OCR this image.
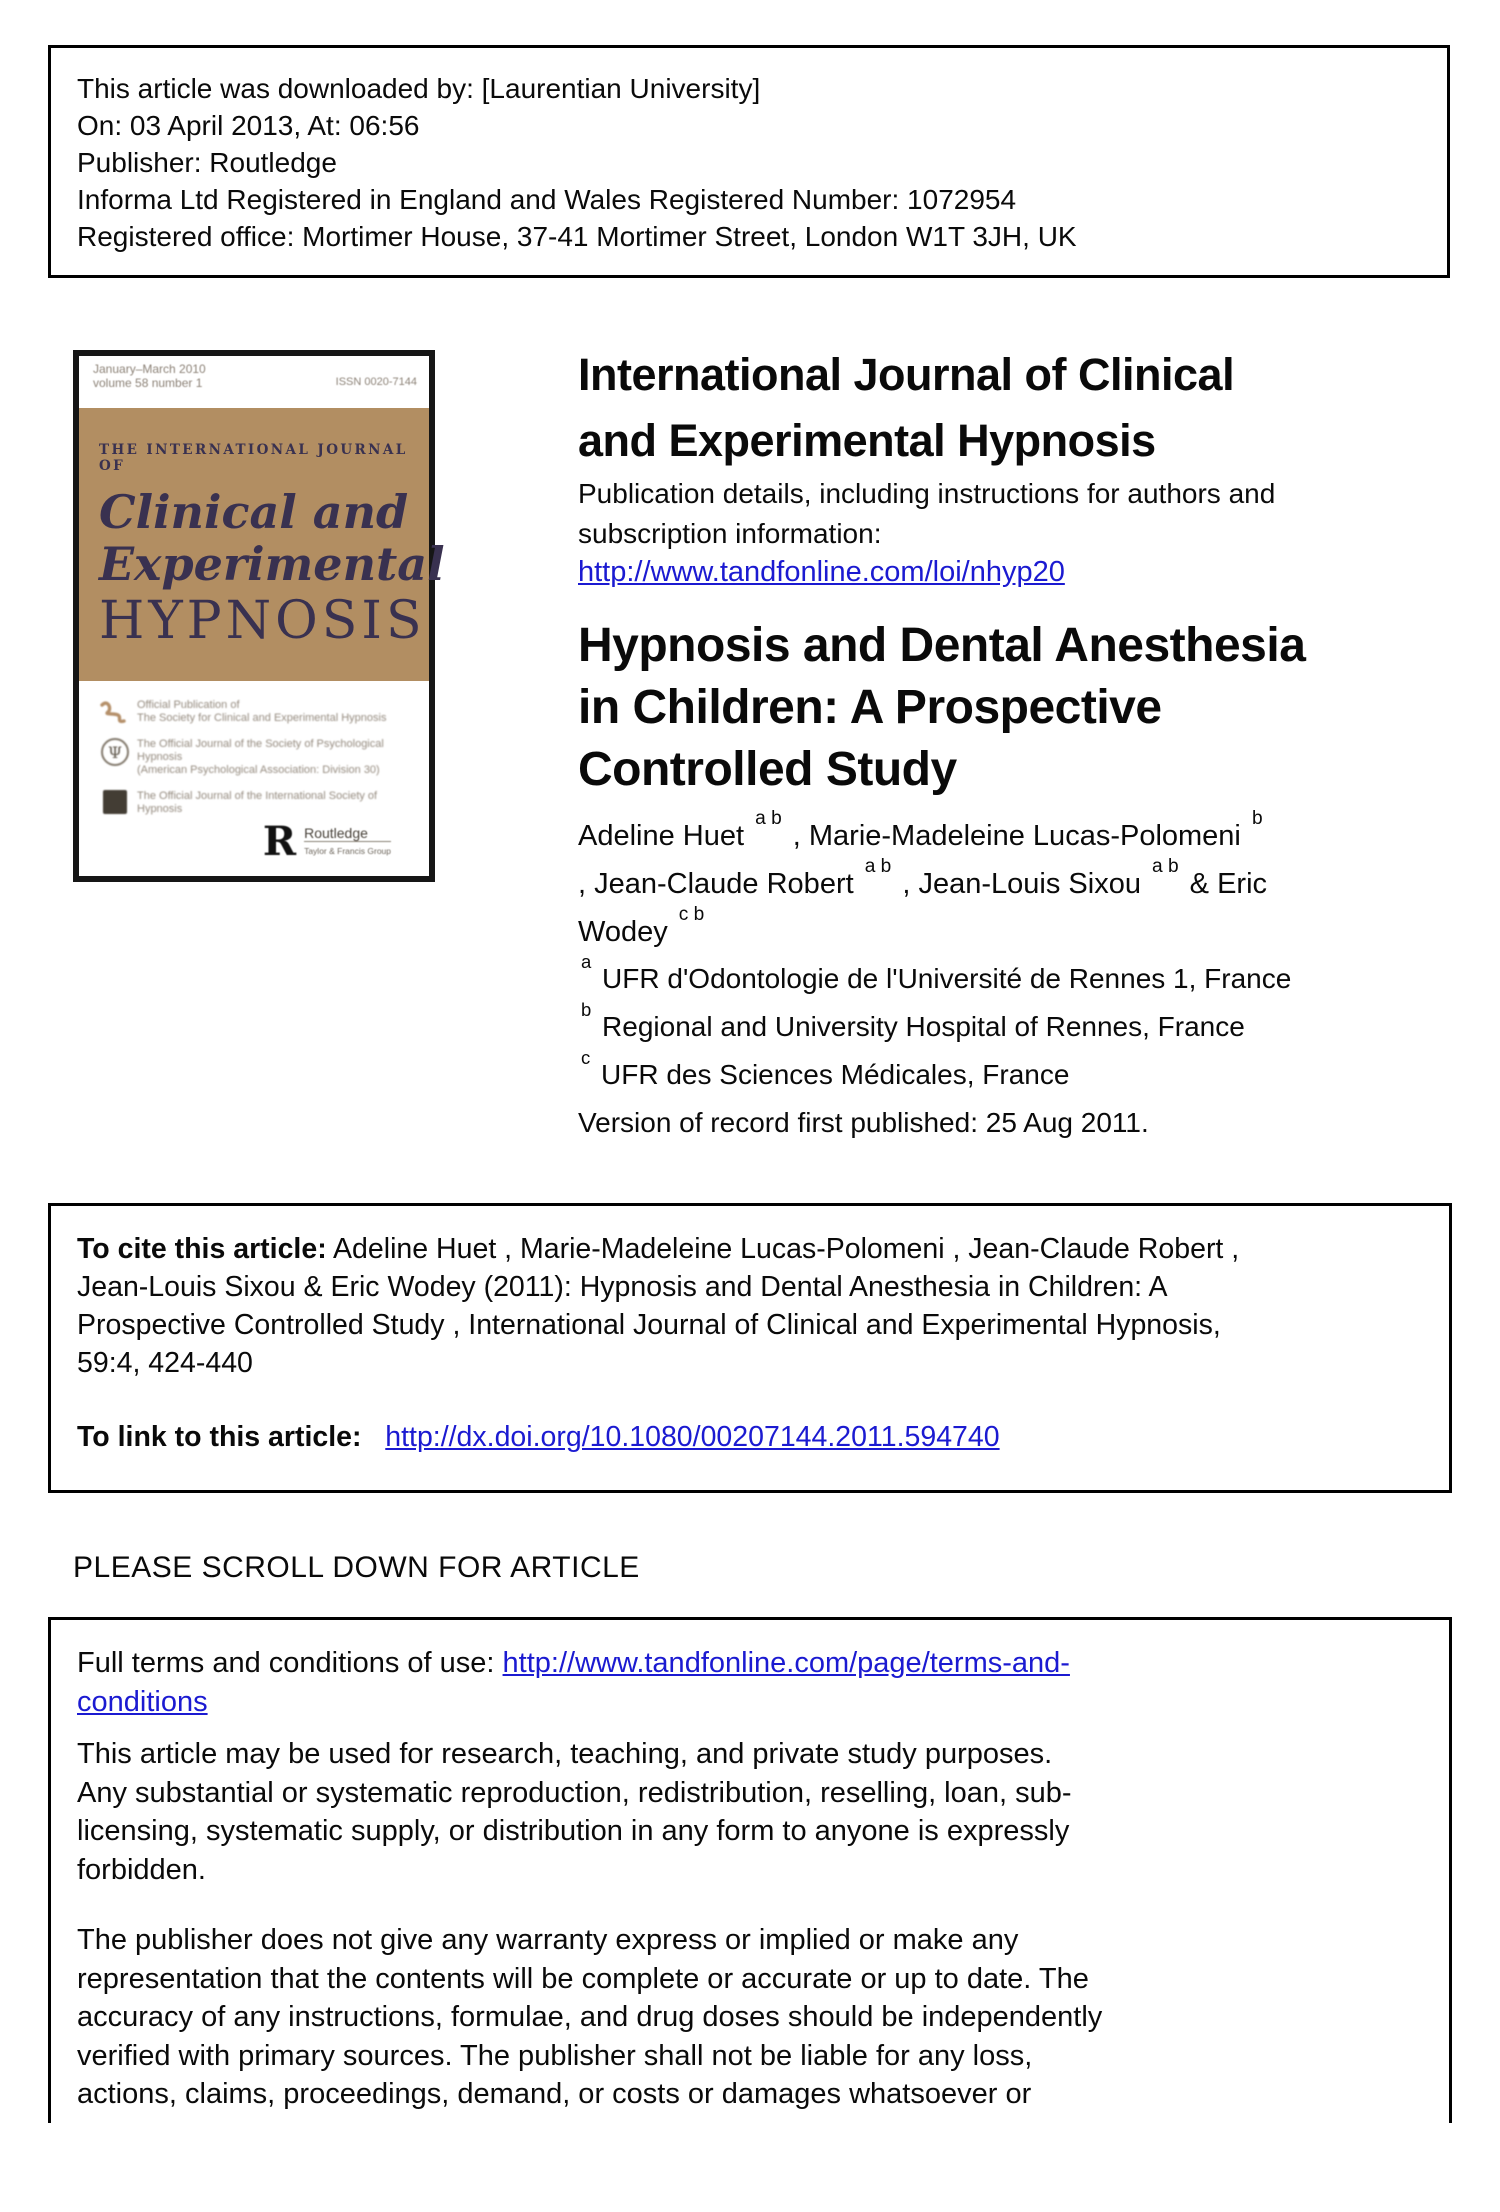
This article was downloaded by: [Laurentian University]
On: 03 April 2013, At: 06:56
Publisher: Routledge
Informa Ltd Registered in England and Wales Registered Number: 1072954
Registered office: Mortimer House, 37-41 Mortimer Street, London W1T 3JH, UK
January–March 2010
volume 58 number 1	ISSN 0020-7144
THE INTERNATIONAL JOURNAL OF
Clinical and
Experimental
HYPNOSIS
Official Publication of
The Society for Clinical and Experimental Hypnosis
Ψ	The Official Journal of the Society of Psychological Hypnosis
(American Psychological Association: Division 30)
The Official Journal of the International Society of Hypnosis
R Routledge
Taylor & Francis Group
International Journal of Clinical
and Experimental Hypnosis
Publication details, including instructions for authors and
subscription information:
http://www.tandfonline.com/loi/nhyp20
Hypnosis and Dental Anesthesia
in Children: A Prospective
Controlled Study
Adeline Huet $^{a b}$ , Marie-Madeleine Lucas-Polomeni $^b$
, Jean-Claude Robert $^{a b}$ , Jean-Louis Sixou $^{a b}$ & Eric
Wodey $^{c b}$
$^a$ UFR d'Odontologie de l'Université de Rennes 1, France
$^b$ Regional and University Hospital of Rennes, France
$^c$ UFR des Sciences Médicales, France
Version of record first published: 25 Aug 2011.
To cite this article: Adeline Huet , Marie-Madeleine Lucas-Polomeni , Jean-Claude Robert ,
Jean-Louis Sixou & Eric Wodey (2011): Hypnosis and Dental Anesthesia in Children: A
Prospective Controlled Study , International Journal of Clinical and Experimental Hypnosis,
59:4, 424-440
To link to this article: http://dx.doi.org/10.1080/00207144.2011.594740
PLEASE SCROLL DOWN FOR ARTICLE
Full terms and conditions of use: http://www.tandfonline.com/page/terms-and-
conditions
This article may be used for research, teaching, and private study purposes.
Any substantial or systematic reproduction, redistribution, reselling, loan, sub-
licensing, systematic supply, or distribution in any form to anyone is expressly
forbidden.
The publisher does not give any warranty express or implied or make any
representation that the contents will be complete or accurate or up to date. The
accuracy of any instructions, formulae, and drug doses should be independently
verified with primary sources. The publisher shall not be liable for any loss,
actions, claims, proceedings, demand, or costs or damages whatsoever or
